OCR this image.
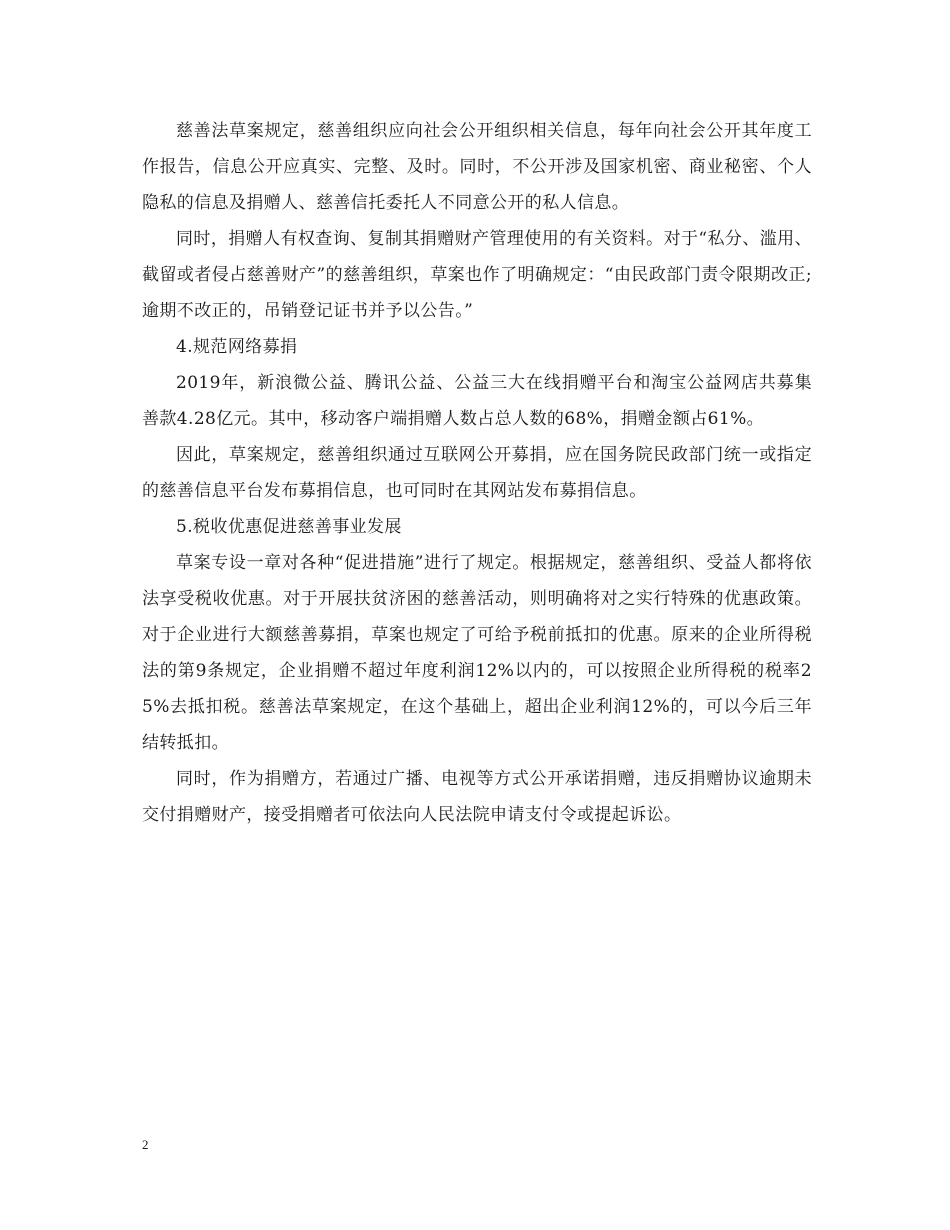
慈善法草案规定，慈善组织应向社会公开组织相关信息，每年向社会公开其年度工作报告，信息公开应真实、完整、及时。同时，不公开涉及国家机密、商业秘密、个人隐私的信息及捐赠人、慈善信托委托人不同意公开的私人信息。

同时，捐赠人有权查询、复制其捐赠财产管理使用的有关资料。对于“私分、滥用、截留或者侵占慈善财产”的慈善组织，草案也作了明确规定：“由民政部门责令限期改正;逾期不改正的，吊销登记证书并予以公告。”

4.规范网络募捐

2019年，新浪微公益、腾讯公益、公益三大在线捐赠平台和淘宝公益网店共募集善款4.28亿元。其中，移动客户端捐赠人数占总人数的68%，捐赠金额占61%。

因此，草案规定，慈善组织通过互联网公开募捐，应在国务院民政部门统一或指定的慈善信息平台发布募捐信息，也可同时在其网站发布募捐信息。

5.税收优惠促进慈善事业发展

草案专设一章对各种“促进措施”进行了规定。根据规定，慈善组织、受益人都将依法享受税收优惠。对于开展扶贫济困的慈善活动，则明确将对之实行特殊的优惠政策。 对于企业进行大额慈善募捐，草案也规定了可给予税前抵扣的优惠。原来的企业所得税法的第9条规定，企业捐赠不超过年度利润12%以内的，可以按照企业所得税的税率25%去抵扣税。慈善法草案规定，在这个基础上，超出企业利润12%的，可以今后三年结转抵扣。

同时，作为捐赠方，若通过广播、电视等方式公开承诺捐赠，违反捐赠协议逾期未交付捐赠财产，接受捐赠者可依法向人民法院申请支付令或提起诉讼。

2
